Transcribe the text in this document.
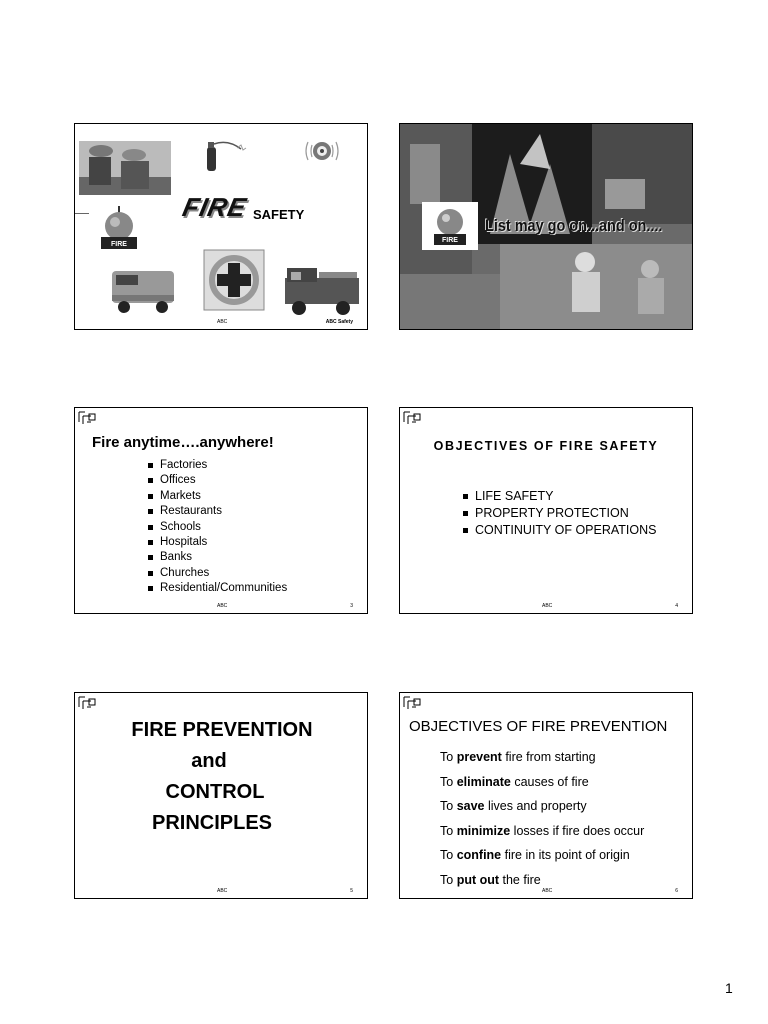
FIRE
FIRE SAFETY
ABC	ABC Safety
FIRE
List may go on...and on....
Fire anytime….anywhere!
Factories
Offices
Markets
Restaurants
Schools
Hospitals
Banks
Churches
Residential/Communities
ABC	3
OBJECTIVES OF FIRE SAFETY
LIFE SAFETY
PROPERTY PROTECTION
CONTINUITY OF OPERATIONS
ABC	4
FIRE PREVENTION
and
CONTROL
PRINCIPLES
ABC	5
OBJECTIVES OF FIRE PREVENTION
To prevent fire from starting
To eliminate causes of fire
To save lives and property
To minimize losses if fire does occur
To confine fire in its point of origin
To put out the fire
ABC	6
1
